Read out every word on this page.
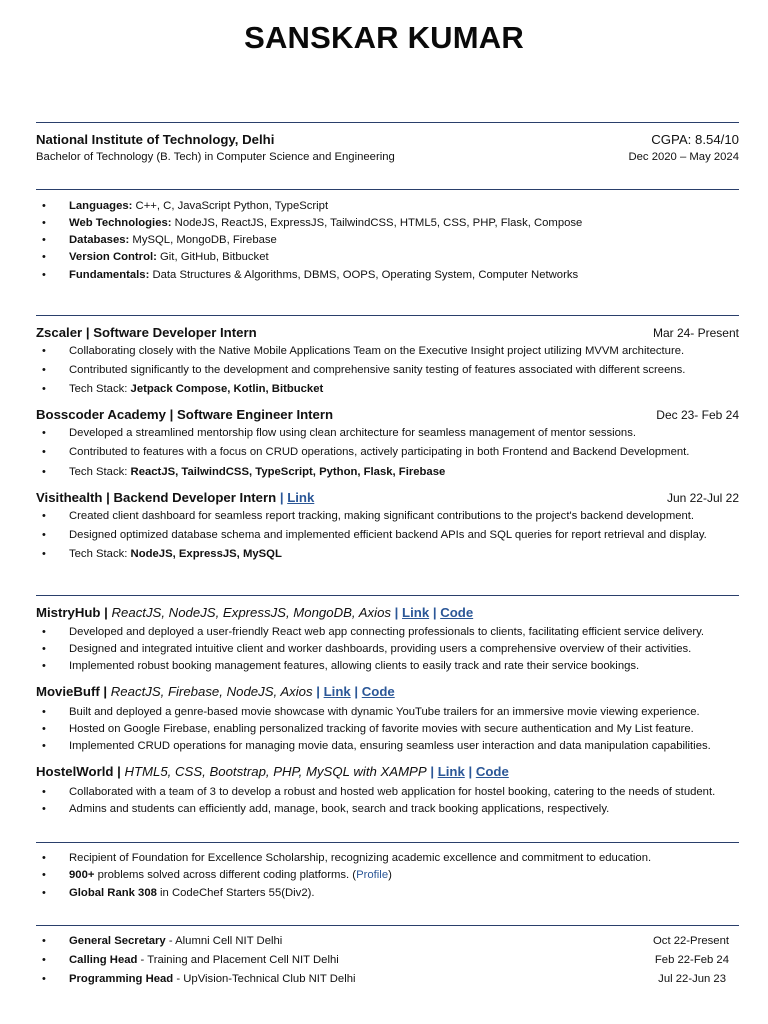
SANSKAR KUMAR
National Institute of Technology, Delhi	CGPA: 8.54/10
Bachelor of Technology (B. Tech) in Computer Science and Engineering	Dec 2020 – May 2024
• Languages: C++, C, JavaScript Python, TypeScript
• Web Technologies: NodeJS, ReactJS, ExpressJS, TailwindCSS, HTML5, CSS, PHP, Flask, Compose
• Databases: MySQL, MongoDB, Firebase
• Version Control: Git, GitHub, Bitbucket
• Fundamentals: Data Structures & Algorithms, DBMS, OOPS, Operating System, Computer Networks
Zscaler | Software Developer Intern	Mar 24- Present
• Collaborating closely with the Native Mobile Applications Team on the Executive Insight project utilizing MVVM architecture.
• Contributed significantly to the development and comprehensive sanity testing of features associated with different screens.
• Tech Stack: Jetpack Compose, Kotlin, Bitbucket
Bosscoder Academy | Software Engineer Intern	Dec 23- Feb 24
• Developed a streamlined mentorship flow using clean architecture for seamless management of mentor sessions.
• Contributed to features with a focus on CRUD operations, actively participating in both Frontend and Backend Development.
• Tech Stack: ReactJS, TailwindCSS, TypeScript, Python, Flask, Firebase
Visithealth | Backend Developer Intern | Link	Jun 22-Jul 22
• Created client dashboard for seamless report tracking, making significant contributions to the project's backend development.
• Designed optimized database schema and implemented efficient backend APIs and SQL queries for report retrieval and display.
• Tech Stack: NodeJS, ExpressJS, MySQL
MistryHub | ReactJS, NodeJS, ExpressJS, MongoDB, Axios | Link | Code
• Developed and deployed a user-friendly React web app connecting professionals to clients, facilitating efficient service delivery.
• Designed and integrated intuitive client and worker dashboards, providing users a comprehensive overview of their activities.
• Implemented robust booking management features, allowing clients to easily track and rate their service bookings.
MovieBuff | ReactJS, Firebase, NodeJS, Axios | Link | Code
• Built and deployed a genre-based movie showcase with dynamic YouTube trailers for an immersive movie viewing experience.
• Hosted on Google Firebase, enabling personalized tracking of favorite movies with secure authentication and My List feature.
• Implemented CRUD operations for managing movie data, ensuring seamless user interaction and data manipulation capabilities.
HostelWorld | HTML5, CSS, Bootstrap, PHP, MySQL with XAMPP | Link | Code
• Collaborated with a team of 3 to develop a robust and hosted web application for hostel booking, catering to the needs of student.
• Admins and students can efficiently add, manage, book, search and track booking applications, respectively.
• Recipient of Foundation for Excellence Scholarship, recognizing academic excellence and commitment to education.
• 900+ problems solved across different coding platforms. (Profile)
• Global Rank 308 in CodeChef Starters 55(Div2).
• General Secretary - Alumni Cell NIT Delhi	Oct 22-Present
• Calling Head - Training and Placement Cell NIT Delhi	Feb 22-Feb 24
• Programming Head - UpVision-Technical Club NIT Delhi	Jul 22-Jun 23
